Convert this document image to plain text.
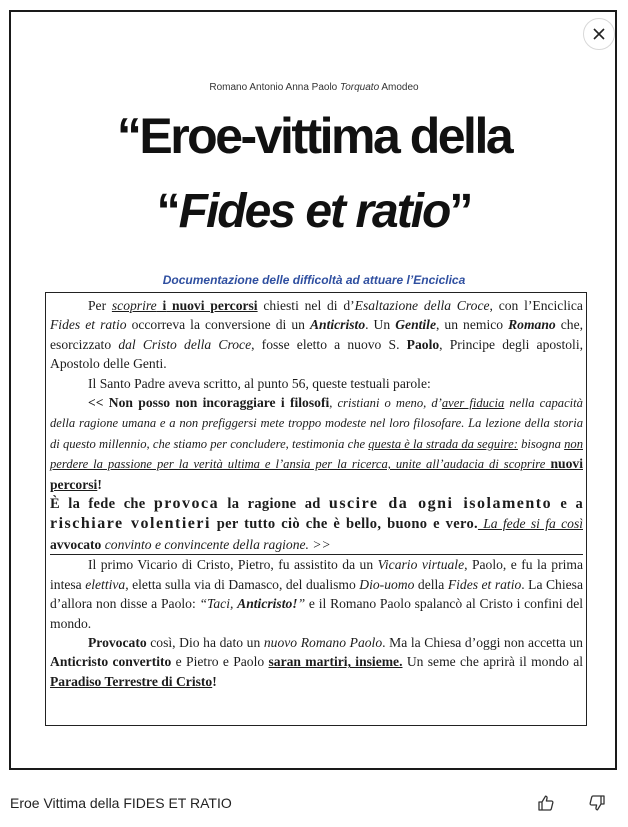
Romano Antonio Anna Paolo Torquato Amodeo
“Eroe-vittima della
“Fides et ratio”
Documentazione delle difficoltà ad attuare l’Enciclica

Per scoprire i nuovi percorsi chiesti nel di d’Esaltazione della Croce, con l’Enciclica Fides et ratio occorreva la conversione di un Anticristo. Un Gentile, un nemico Romano che, esorcizzato dal Cristo della Croce, fosse eletto a nuovo S. Paolo, Principe degli apostoli, Apostolo delle Genti.

Il Santo Padre aveva scritto, al punto 56, queste testuali parole:

<< Non posso non incoraggiare i filosofi, cristiani o meno, d’aver fiducia nella capacità della ragione umana e a non prefiggersi mete troppo modeste nel loro filosofare. La lezione della storia di questo millennio, che stiamo per concludere, testimonia che questa è la strada da seguire: bisogna non perdere la passione per la verità ultima e l’ansia per la ricerca, unite all’audacia di scoprire nuovi percorsi!

È la fede che provoca la ragione ad uscire da ogni isolamento e a rischiare volentieri per tutto ciò che è bello, buono e vero. La fede si fa così avvocato convinto e convincente della ragione. >>

Il primo Vicario di Cristo, Pietro, fu assistito da un Vicario virtuale, Paolo, e fu la prima intesa elettiva, eletta sulla via di Damasco, del dualismo Dio-uomo della Fides et ratio. La Chiesa d’allora non disse a Paolo: “Taci, Anticristo!” e il Romano Paolo spalancò al Cristo i confini del mondo.

Provocato così, Dio ha dato un nuovo Romano Paolo. Ma la Chiesa d’oggi non accetta un Anticristo convertito e Pietro e Paolo saran martiri, insieme. Un seme che aprirà il mondo al Paradiso Terrestre di Cristo!

Eroe Vittima della FIDES ET RATIO
